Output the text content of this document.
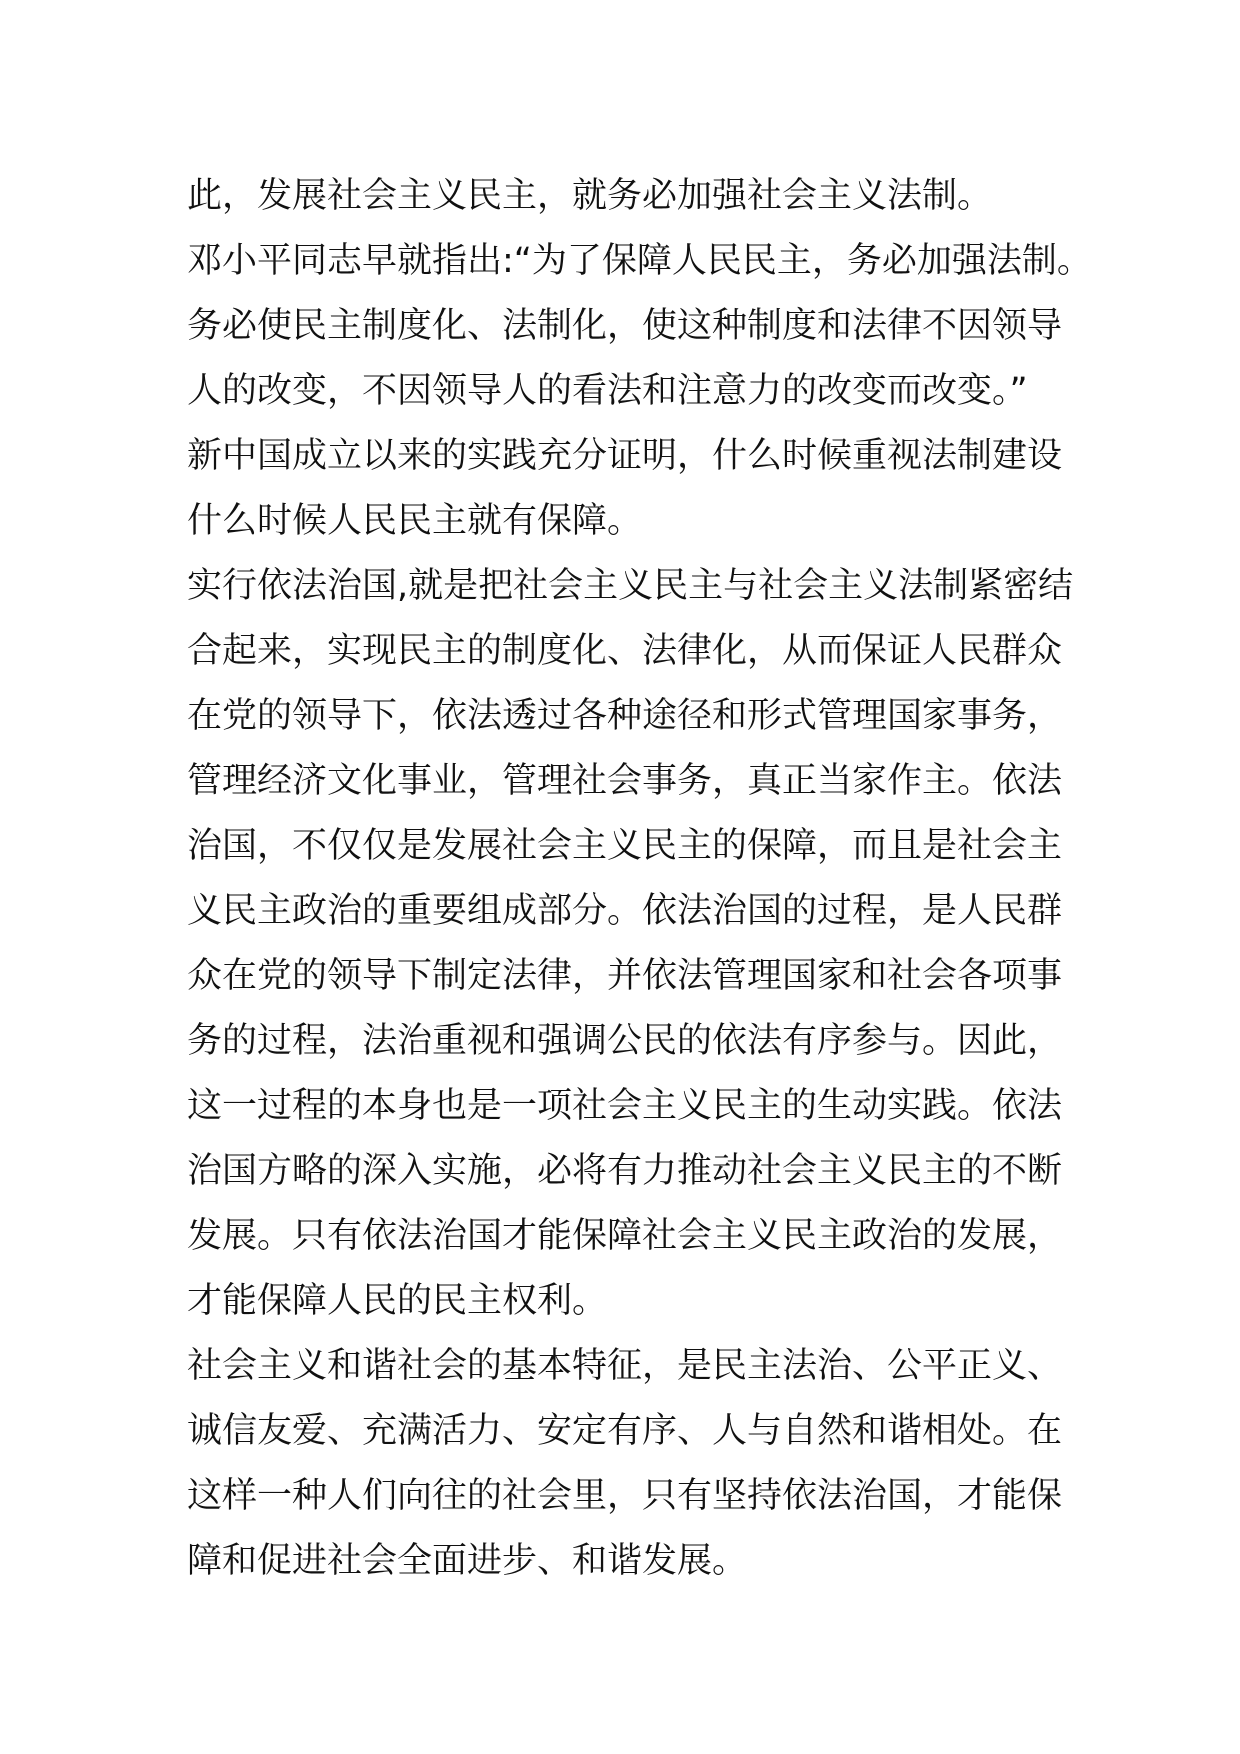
此，发展社会主义民主，就务必加强社会主义法制。
邓小平同志早就指出:“为了保障人民民主，务必加强法制。
务必使民主制度化、法制化，使这种制度和法律不因领导
人的改变，不因领导人的看法和注意力的改变而改变。”
新中国成立以来的实践充分证明，什么时候重视法制建设
什么时候人民民主就有保障。
实行依法治国,就是把社会主义民主与社会主义法制紧密结
合起来，实现民主的制度化、法律化，从而保证人民群众
在党的领导下，依法透过各种途径和形式管理国家事务，
管理经济文化事业，管理社会事务，真正当家作主。依法
治国，不仅仅是发展社会主义民主的保障，而且是社会主
义民主政治的重要组成部分。依法治国的过程，是人民群
众在党的领导下制定法律，并依法管理国家和社会各项事
务的过程，法治重视和强调公民的依法有序参与。因此，
这一过程的本身也是一项社会主义民主的生动实践。依法
治国方略的深入实施，必将有力推动社会主义民主的不断
发展。只有依法治国才能保障社会主义民主政治的发展，
才能保障人民的民主权利。
社会主义和谐社会的基本特征，是民主法治、公平正义、
诚信友爱、充满活力、安定有序、人与自然和谐相处。在
这样一种人们向往的社会里，只有坚持依法治国，才能保
障和促进社会全面进步、和谐发展。
